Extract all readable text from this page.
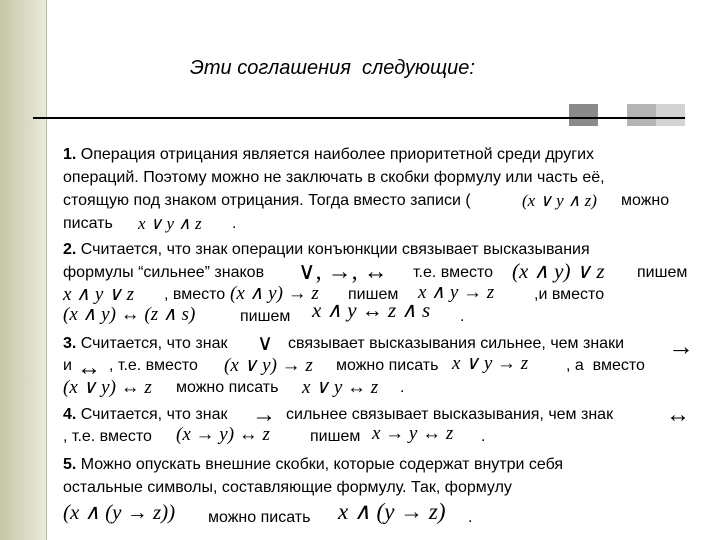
Эти соглашения  следующие:
1. Операция отрицания является наиболее приоритетной среди других
операций. Поэтому можно не заключать в скобки формулу или часть её,
стоящую под знаком отрицания. Тогда вместо записи (	(x ∨ y ∧ z) можно
писать x ∨ y ∧ z .
2. Считается, что знак операции конъюнкции связывает высказывания
формулы “сильнее” знаков ∨, →, ↔ т.е. вместо (x ∧ y) ∨ z пишем
x ∧ y ∨ z , вместо (x ∧ y) → z пишем x ∧ y → z ,и вместо
(x ∧ y) ↔ (z ∧ s)	пишем x ∧ y ↔ z ∧ s .
3. Считается, что знак ∨ связывает высказывания сильнее, чем знаки →
и ↔ , т.е. вместо (x ∨ y) → z можно писать x ∨ y → z , а  вместо
(x ∨ y) ↔ z можно писать x ∨ y ↔ z .
4. Считается, что знак → сильнее связывает высказывания, чем знак ↔
, т.е. вместо (x → y) ↔ z	пишем x → y ↔ z .
5. Можно опускать внешние скобки, которые содержат внутри себя
остальные символы, составляющие формулу. Так, формулу
(x ∧ (y → z)) можно писать x ∧ (y → z) .
